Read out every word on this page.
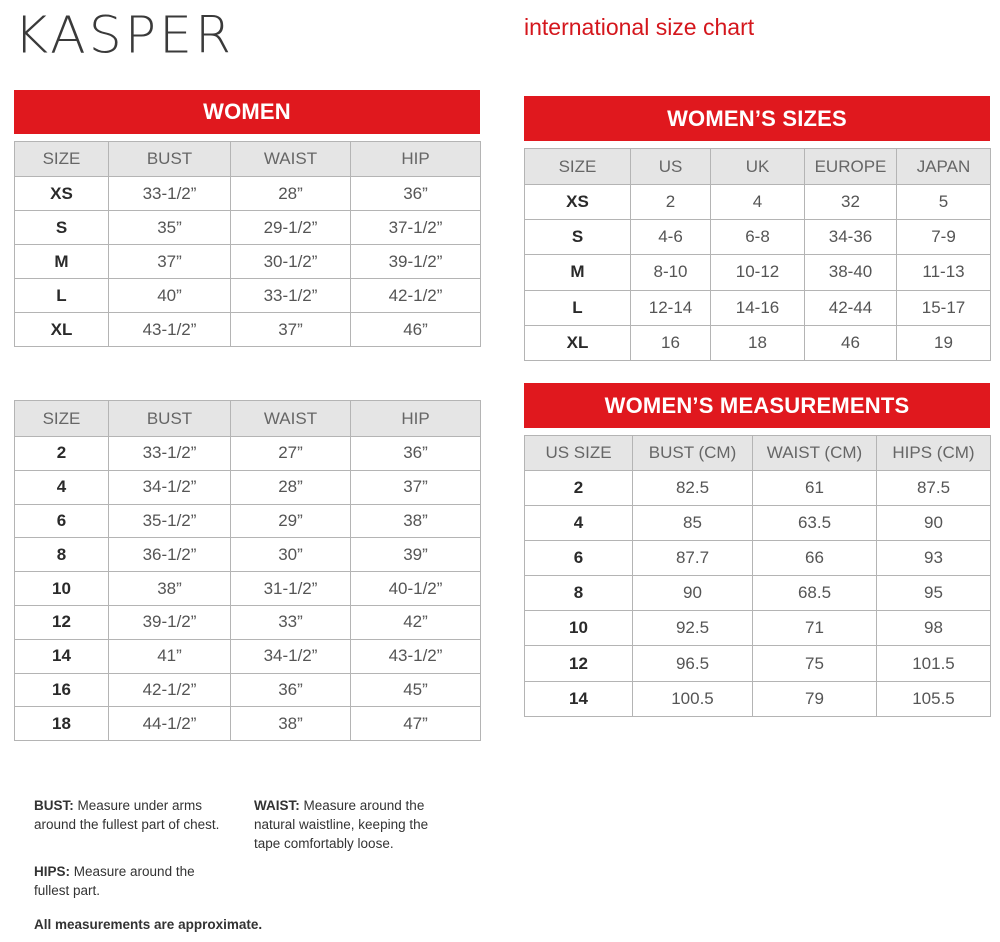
KASPER	international size chart
WOMEN
SIZE	BUST	WAIST	HIP
XS	33-1/2”	28”	36”
S	35”	29-1/2”	37-1/2”
M	37”	30-1/2”	39-1/2”
L	40”	33-1/2”	42-1/2”
XL	43-1/2”	37”	46”
SIZE	BUST	WAIST	HIP
2	33-1/2”	27”	36”
4	34-1/2”	28”	37”
6	35-1/2”	29”	38”
8	36-1/2”	30”	39”
10	38”	31-1/2”	40-1/2”
12	39-1/2”	33”	42”
14	41”	34-1/2”	43-1/2”
16	42-1/2”	36”	45”
18	44-1/2”	38”	47”
WOMEN’S SIZES
SIZE	US	UK	EUROPE	JAPAN
XS	2	4	32	5
S	4-6	6-8	34-36	7-9
M	8-10	10-12	38-40	11-13
L	12-14	14-16	42-44	15-17
XL	16	18	46	19
WOMEN’S MEASUREMENTS
US SIZE	BUST (CM)	WAIST (CM)	HIPS (CM)
2	82.5	61	87.5
4	85	63.5	90
6	87.7	66	93
8	90	68.5	95
10	92.5	71	98
12	96.5	75	101.5
14	100.5	79	105.5
BUST: Measure under arms
around the fullest part of chest.
WAIST: Measure around the
natural waistline, keeping the
tape comfortably loose.
HIPS: Measure around the
fullest part.
All measurements are approximate.
